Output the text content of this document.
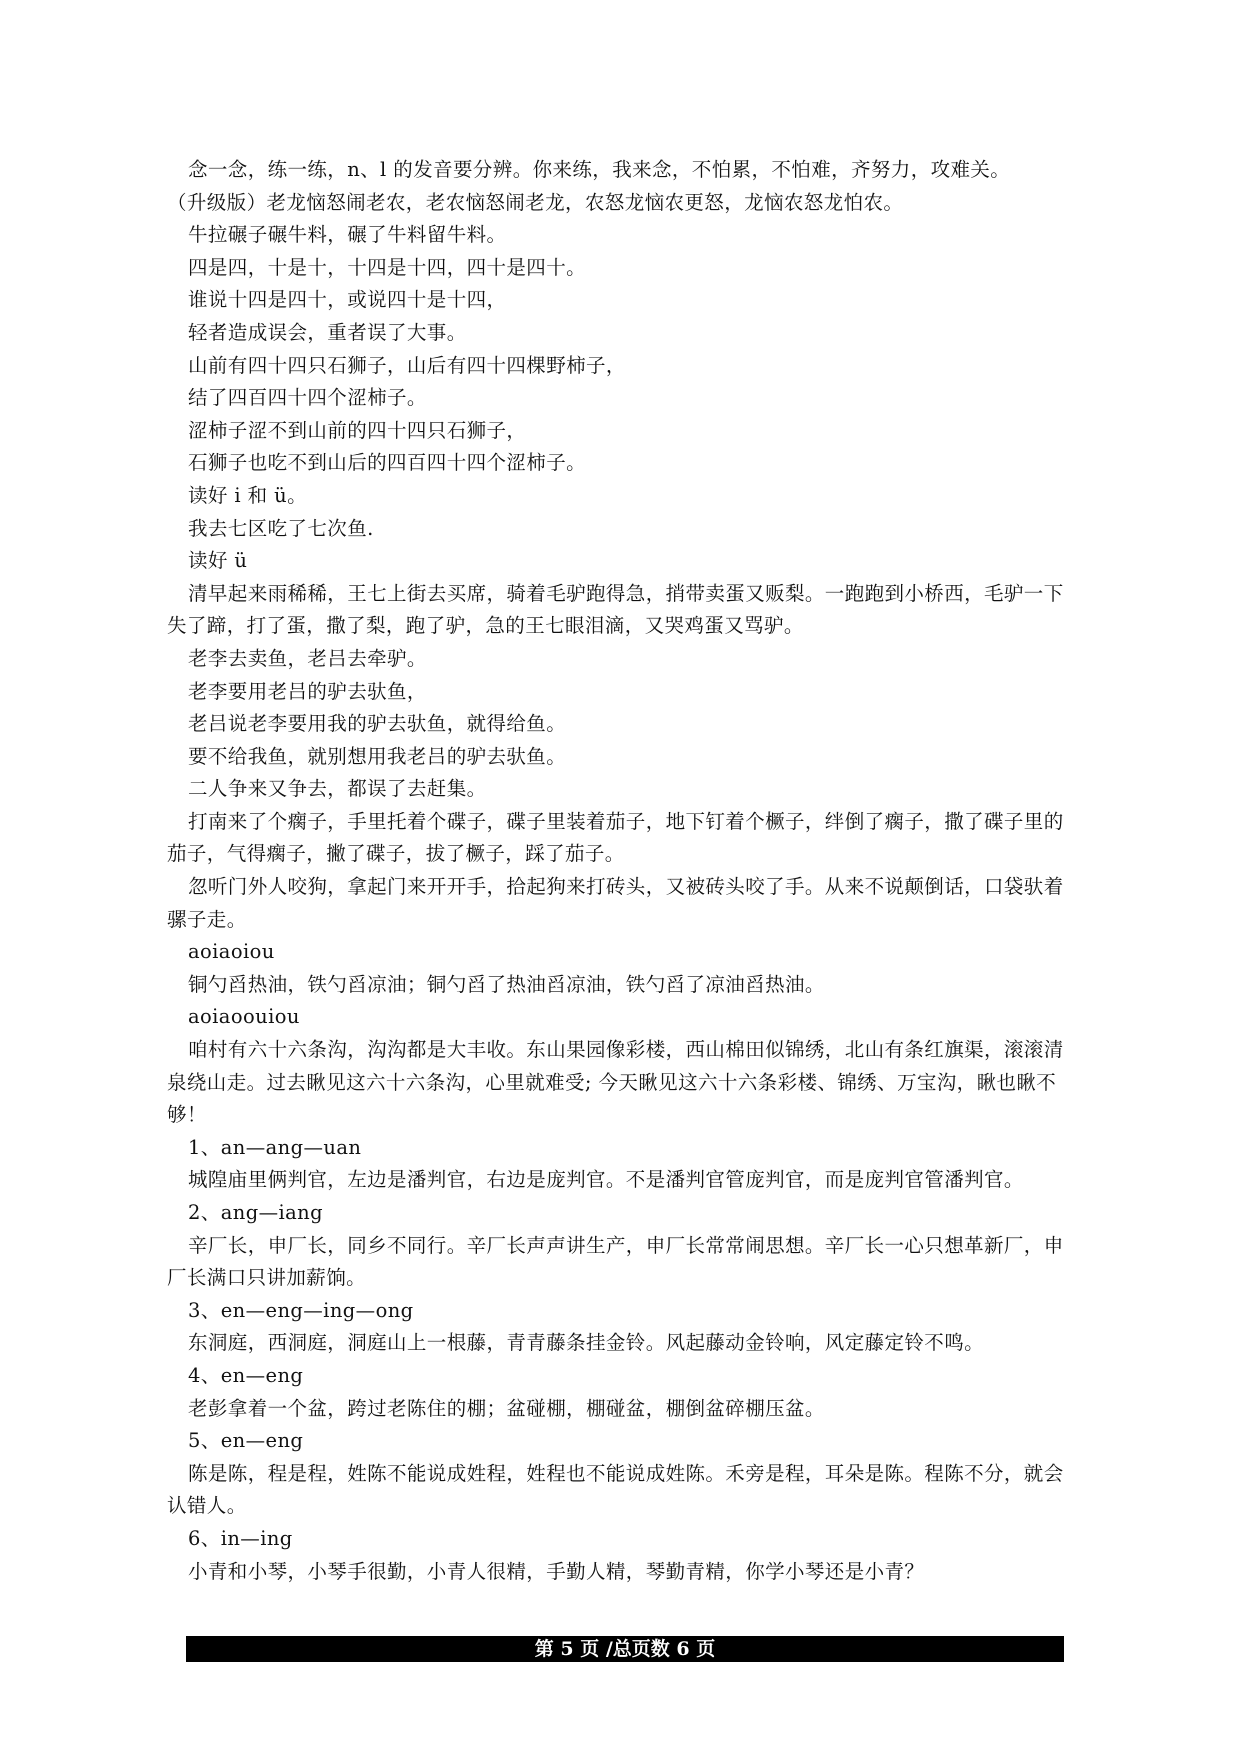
念一念，练一练，n、l 的发音要分辨。你来练，我来念，不怕累，不怕难，齐努力，攻难关。
（升级版）老龙恼怒闹老农，老农恼怒闹老龙，农怒龙恼农更怒，龙恼农怒龙怕农。
牛拉碾子碾牛料，碾了牛料留牛料。
四是四，十是十，十四是十四，四十是四十。
谁说十四是四十，或说四十是十四，
轻者造成误会，重者误了大事。
山前有四十四只石狮子，山后有四十四棵野柿子，
结了四百四十四个涩柿子。
涩柿子涩不到山前的四十四只石狮子，
石狮子也吃不到山后的四百四十四个涩柿子。
读好 i 和 ü。
我去七区吃了七次鱼.
读好 ü
清早起来雨稀稀，王七上街去买席，骑着毛驴跑得急，捎带卖蛋又贩梨。一跑跑到小桥西，毛驴一下失了蹄，打了蛋，撒了梨，跑了驴，急的王七眼泪滴，又哭鸡蛋又骂驴。
老李去卖鱼，老吕去牵驴。
老李要用老吕的驴去驮鱼，
老吕说老李要用我的驴去驮鱼，就得给鱼。
要不给我鱼，就别想用我老吕的驴去驮鱼。
二人争来又争去，都误了去赶集。
打南来了个瘸子，手里托着个碟子，碟子里装着茄子，地下钉着个橛子，绊倒了瘸子，撒了碟子里的茄子，气得瘸子，撇了碟子，拔了橛子，踩了茄子。
忽听门外人咬狗，拿起门来开开手，拾起狗来打砖头，又被砖头咬了手。从来不说颠倒话，口袋驮着骡子走。
aoiaoiou
铜勺舀热油，铁勺舀凉油；铜勺舀了热油舀凉油，铁勺舀了凉油舀热油。
aoiaoouiou
咱村有六十六条沟，沟沟都是大丰收。东山果园像彩楼，西山棉田似锦绣，北山有条红旗渠，滚滚清泉绕山走。过去瞅见这六十六条沟，心里就难受; 今天瞅见这六十六条彩楼、锦绣、万宝沟，瞅也瞅不够！
1、an—ang—uan
城隍庙里俩判官，左边是潘判官，右边是庞判官。不是潘判官管庞判官，而是庞判官管潘判官。
2、ang—iang
辛厂长，申厂长，同乡不同行。辛厂长声声讲生产，申厂长常常闹思想。辛厂长一心只想革新厂，申厂长满口只讲加薪饷。
3、en—eng—ing—ong
东洞庭，西洞庭，洞庭山上一根藤，青青藤条挂金铃。风起藤动金铃响，风定藤定铃不鸣。
4、en—eng
老彭拿着一个盆，跨过老陈住的棚；盆碰棚，棚碰盆，棚倒盆碎棚压盆。
5、en—eng
陈是陈，程是程，姓陈不能说成姓程，姓程也不能说成姓陈。禾旁是程，耳朵是陈。程陈不分，就会认错人。
6、in—ing
小青和小琴，小琴手很勤，小青人很精，手勤人精，琴勤青精，你学小琴还是小青？
第 5 页 /总页数 6 页
